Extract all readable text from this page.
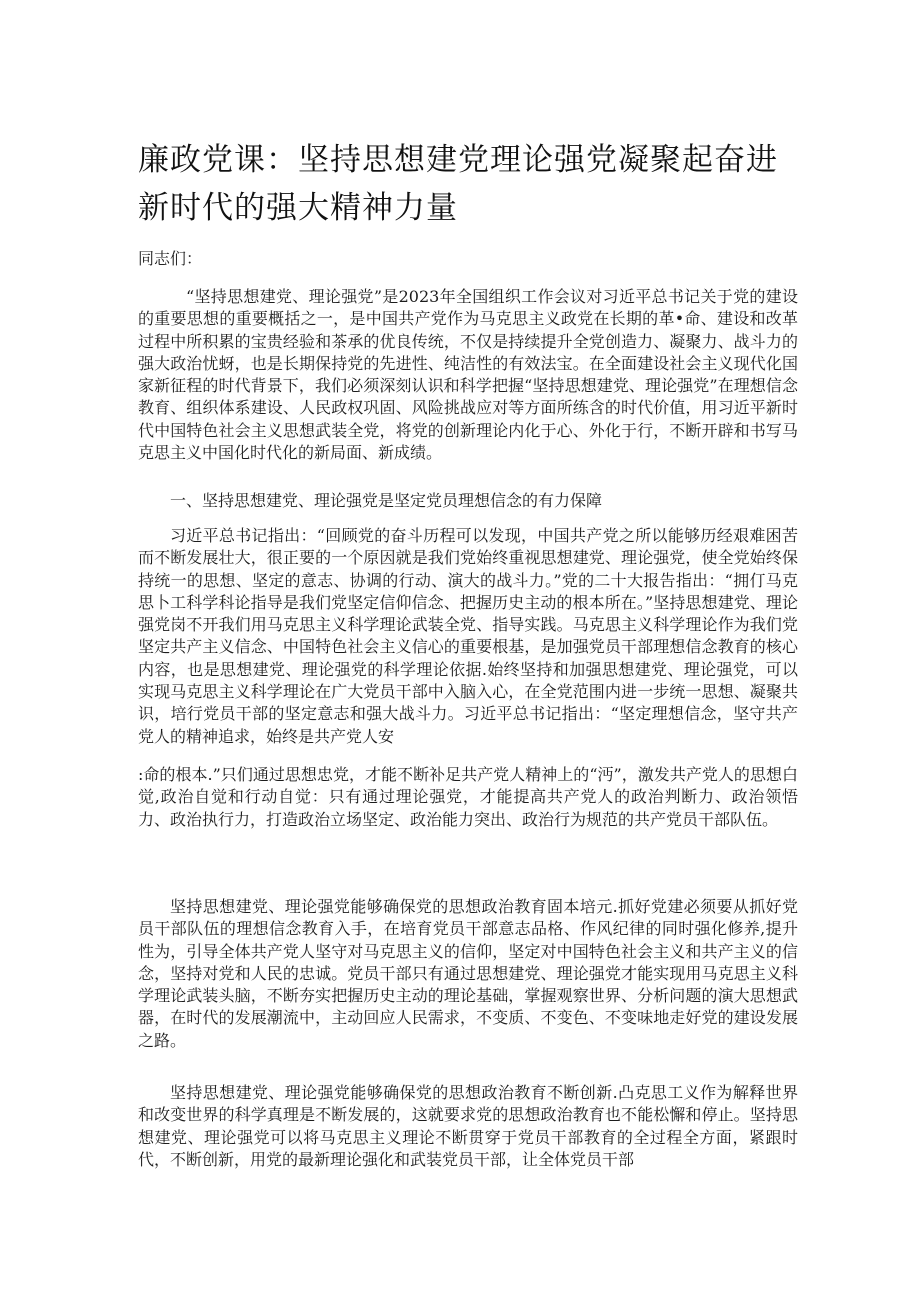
廉政党课：坚持思想建党理论强党凝聚起奋进新时代的强大精神力量
同志们：

“坚持思想建党、理论强党”是2023年全国组织工作会议对习近平总书记关于党的建设的重要思想的重要概括之一，是中国共产党作为马克思主义政党在长期的革•命、建设和改革过程中所积累的宝贵经验和茶承的优良传统，不仅是持续提升全党创造力、凝聚力、战斗力的强大政治忧蚜，也是长期保持党的先进性、纯洁性的有效法宝。在全面建设社会主义现代化国家新征程的时代背景下，我们必须深刻认识和科学把握“坚持思想建党、理论强党”在理想信念教育、组织体系建设、人民政权巩固、风险挑战应对等方面所练含的时代价值，用习近平新时代中国特色社会主义思想武装全党，将党的创新理论内化于心、外化于行，不断开辟和书写马克思主义中国化时代化的新局面、新成绩。

一、坚持思想建党、理论强党是坚定党员理想信念的有力保障

习近平总书记指出：“回顾党的奋斗历程可以发现，中国共产党之所以能够历经艰难困苦而不断发展壮大，很正要的一个原因就是我们党始终重视思想建党、理论强党，使全党始终保持统一的思想、坚定的意志、协调的行动、演大的战斗力。”党的二十大报告指出：“拥仃马克思卜工科学科论指导是我们党坚定信仰信念、把握历史主动的根本所在。”坚持思想建党、理论强党岗不开我们用马克思主义科学理论武装全党、指导实践。马克思主义科学理论作为我们党坚定共产主义信念、中国特色社会主义信心的重要根基，是加强党员干部理想信念教育的核心内容，也是思想建党、理论强党的科学理论依据.始终坚持和加强思想建党、理论强党，可以实现马克思主义科学理论在广大党员干部中入脑入心，在全党范围内进一步统一思想、凝聚共识，培行党员干部的坚定意志和强大战斗力。习近平总书记指出：“坚定理想信念，坚守共产党人的精神追求，始终是共产党人安

:命的根本.”只们通过思想忠党，才能不断补足共产党人精神上的“沔”，激发共产党人的思想白觉,政治自觉和行动自觉：只有通过理论强党，才能提高共产党人的政治判断力、政治领悟力、政治执行力，打造政治立场坚定、政治能力突出、政治行为规范的共产党员干部队伍。

坚持思想建党、理论强党能够确保党的思想政治教育固本培元.抓好党建必须要从抓好党员干部队伍的理想信念教育入手，在培育党员干部意志品格、作风纪律的同时强化修养,提升性为，引导全体共产党人坚守对马克思主义的信仰，坚定对中国特色社会主义和共产主义的信念，坚持对党和人民的忠诚。党员干部只有通过思想建党、理论强党才能实现用马克思主义科学理论武装头脑，不断夯实把握历史主动的理论基础，掌握观察世界、分析问题的演大思想武器，在时代的发展潮流中，主动回应人民需求，不变质、不变色、不变味地走好党的建设发展之路。

坚持思想建党、理论强党能够确保党的思想政治教育不断创新.凸克思工义作为解释世界和改变世界的科学真理是不断发展的，这就要求党的思想政治教育也不能松懈和停止。坚持思想建党、理论强党可以将马克思主义理论不断贯穿于党员干部教育的全过程全方面，紧跟时代，不断创新，用党的最新理论强化和武装党员干部，让全体党员干部
